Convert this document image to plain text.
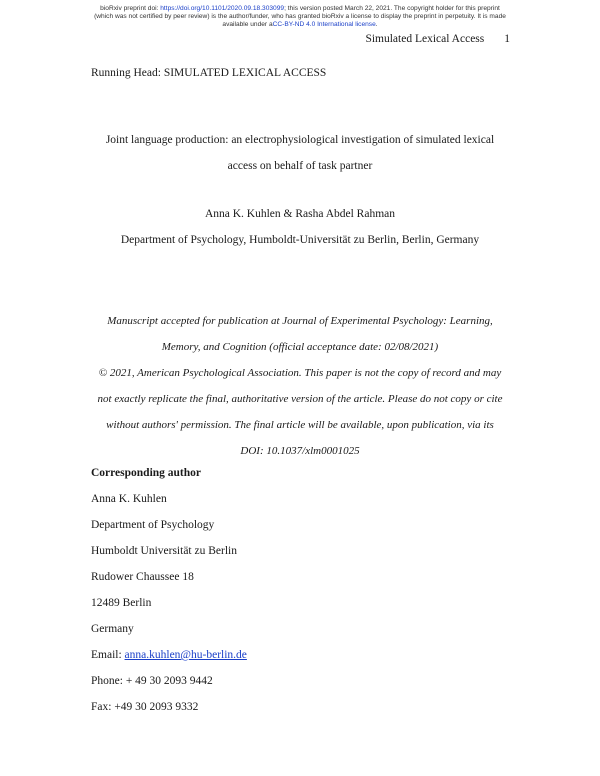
bioRxiv preprint doi: https://doi.org/10.1101/2020.09.18.303099; this version posted March 22, 2021. The copyright holder for this preprint
(which was not certified by peer review) is the author/funder, who has granted bioRxiv a license to display the preprint in perpetuity. It is made
available under aCC-BY-ND 4.0 International license.
Simulated Lexical Access 1
Running Head: SIMULATED LEXICAL ACCESS
Joint language production: an electrophysiological investigation of simulated lexical
access on behalf of task partner
Anna K. Kuhlen & Rasha Abdel Rahman
Department of Psychology, Humboldt-Universität zu Berlin, Berlin, Germany
Manuscript accepted for publication at Journal of Experimental Psychology: Learning,
Memory, and Cognition (official acceptance date: 02/08/2021)
© 2021, American Psychological Association. This paper is not the copy of record and may
not exactly replicate the final, authoritative version of the article. Please do not copy or cite
without authors' permission. The final article will be available, upon publication, via its
DOI: 10.1037/xlm0001025
Corresponding author
Anna K. Kuhlen
Department of Psychology
Humboldt Universität zu Berlin
Rudower Chaussee 18
12489 Berlin
Germany
Email: anna.kuhlen@hu-berlin.de
Phone: + 49 30 2093 9442
Fax: +49 30 2093 9332
